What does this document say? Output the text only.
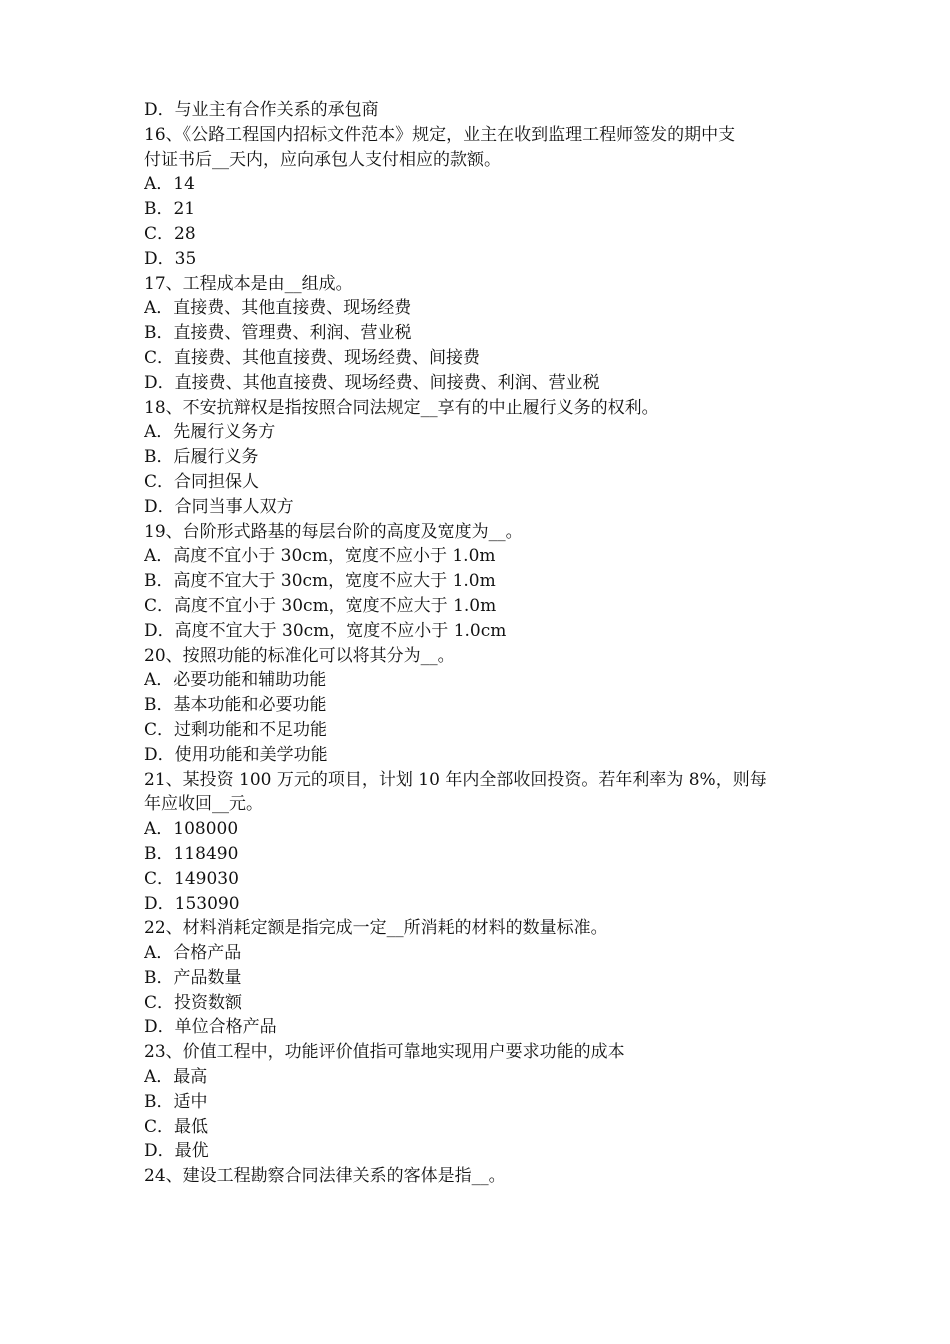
D．与业主有合作关系的承包商
16、《公路工程国内招标文件范本》规定，业主在收到监理工程师签发的期中支
付证书后__天内，应向承包人支付相应的款额。
A．14
B．21
C．28
D．35
17、工程成本是由__组成。
A．直接费、其他直接费、现场经费
B．直接费、管理费、利润、营业税
C．直接费、其他直接费、现场经费、间接费
D．直接费、其他直接费、现场经费、间接费、利润、营业税
18、不安抗辩权是指按照合同法规定__享有的中止履行义务的权利。
A．先履行义务方
B．后履行义务
C．合同担保人
D．合同当事人双方
19、台阶形式路基的每层台阶的高度及宽度为__。
A．高度不宜小于 30cm，宽度不应小于 1.0m
B．高度不宜大于 30cm，宽度不应大于 1.0m
C．高度不宜小于 30cm，宽度不应大于 1.0m
D．高度不宜大于 30cm，宽度不应小于 1.0cm
20、按照功能的标准化可以将其分为__。
A．必要功能和辅助功能
B．基本功能和必要功能
C．过剩功能和不足功能
D．使用功能和美学功能
21、某投资 100 万元的项目，计划 10 年内全部收回投资。若年利率为 8%，则每
年应收回__元。
A．108000
B．118490
C．149030
D．153090
22、材料消耗定额是指完成一定__所消耗的材料的数量标准。
A．合格产品
B．产品数量
C．投资数额
D．单位合格产品
23、价值工程中，功能评价值指可靠地实现用户要求功能的成本
A．最高
B．适中
C．最低
D．最优
24、建设工程勘察合同法律关系的客体是指__。
